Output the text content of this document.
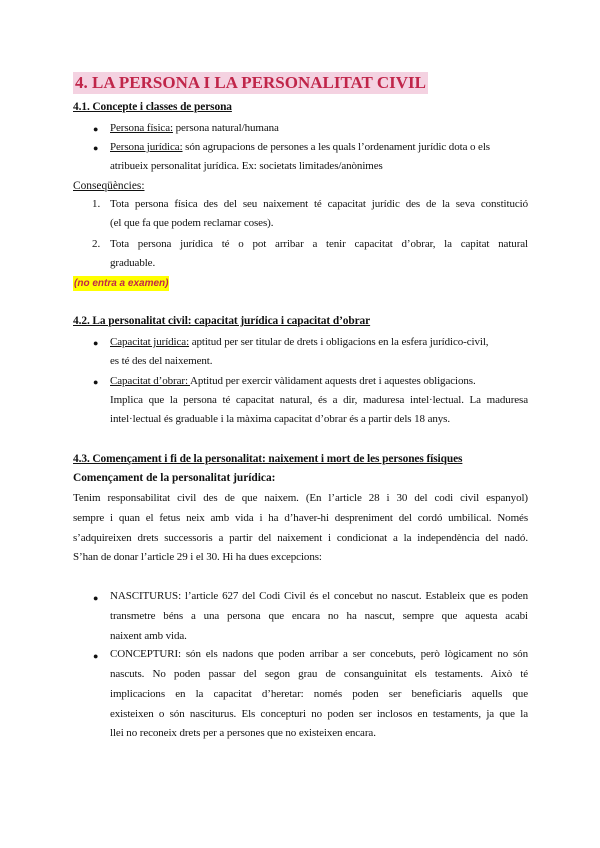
4. LA PERSONA I LA PERSONALITAT CIVIL
4.1. Concepte i classes de persona
● Persona física: persona natural/humana
● Persona jurídica: són agrupacions de persones a les quals l’ordenament jurídic dota o els
atribueix personalitat jurídica. Ex: societats limitades/anònimes
Conseqüències:
1. Tota persona física des del seu naixement té capacitat jurídic des de la seva constitució
(el que fa que podem reclamar coses).
2. Tota persona jurídica té o pot arribar a tenir capacitat d’obrar, la capitat natural
graduable.
(no entra a examen)
4.2. La personalitat civil: capacitat jurídica i capacitat d’obrar
● Capacitat jurídica: aptitud per ser titular de drets i obligacions en la esfera jurídico-civil,
es té des del naixement.
● Capacitat d’obrar: Aptitud per exercir vàlidament aquests dret i aquestes obligacions.
Implica que la persona té capacitat natural, és a dir, maduresa intel·lectual. La maduresa
intel·lectual és graduable i la màxima capacitat d’obrar és a partir dels 18 anys.
4.3. Començament i fi de la personalitat: naixement i mort de les persones físiques
Començament de la personalitat jurídica:
Tenim responsabilitat civil des de que naixem. (En l’article 28 i 30 del codi civil espanyol)
sempre i quan el fetus neix amb vida i ha d’haver-hi despreniment del cordó umbilical. Només
s’adquireixen drets successoris a partir del naixement i condicionat a la independència del nadó.
S’han de donar l’article 29 i el 30. Hi ha dues excepcions:
● NASCITURUS: l’article 627 del Codi Civil és el concebut no nascut. Estableix que es poden
transmetre béns a una persona que encara no ha nascut, sempre que aquesta acabi
naixent amb vida.
● CONCEPTURI: són els nadons que poden arribar a ser concebuts, però lògicament no són
nascuts. No poden passar del segon grau de consanguinitat els testaments. Això té
implicacions en la capacitat d’heretar: només poden ser beneficiaris aquells que
existeixen o són nasciturus. Els concepturi no poden ser inclosos en testaments, ja que la
llei no reconeix drets per a persones que no existeixen encara.
